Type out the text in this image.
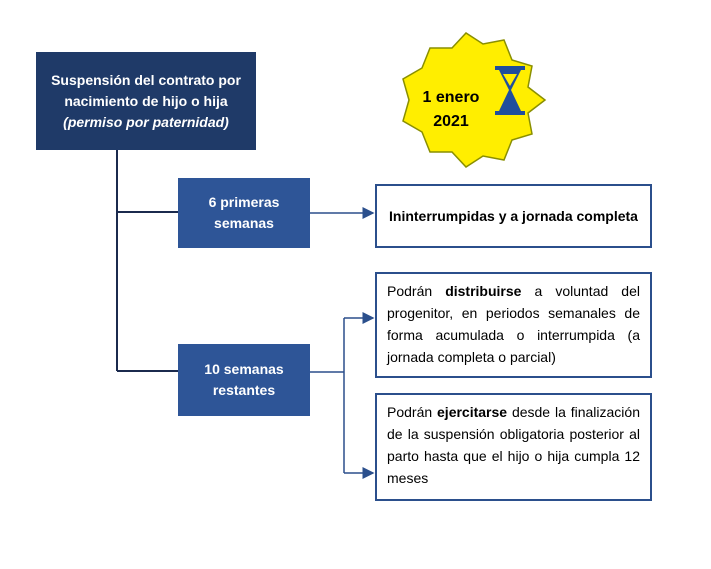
Suspensión del contrato por
nacimiento de hijo o hija
(permiso por paternidad)
1 enero
2021
6 primeras
semanas
10 semanas
restantes
Ininterrumpidas y a jornada completa
Podrán distribuirse a voluntad del progenitor, en periodos semanales de forma acumulada o interrumpida (a jornada completa o parcial)
Podrán ejercitarse desde la finalización de la suspensión obligatoria posterior al parto hasta que el hijo o hija cumpla 12 meses
